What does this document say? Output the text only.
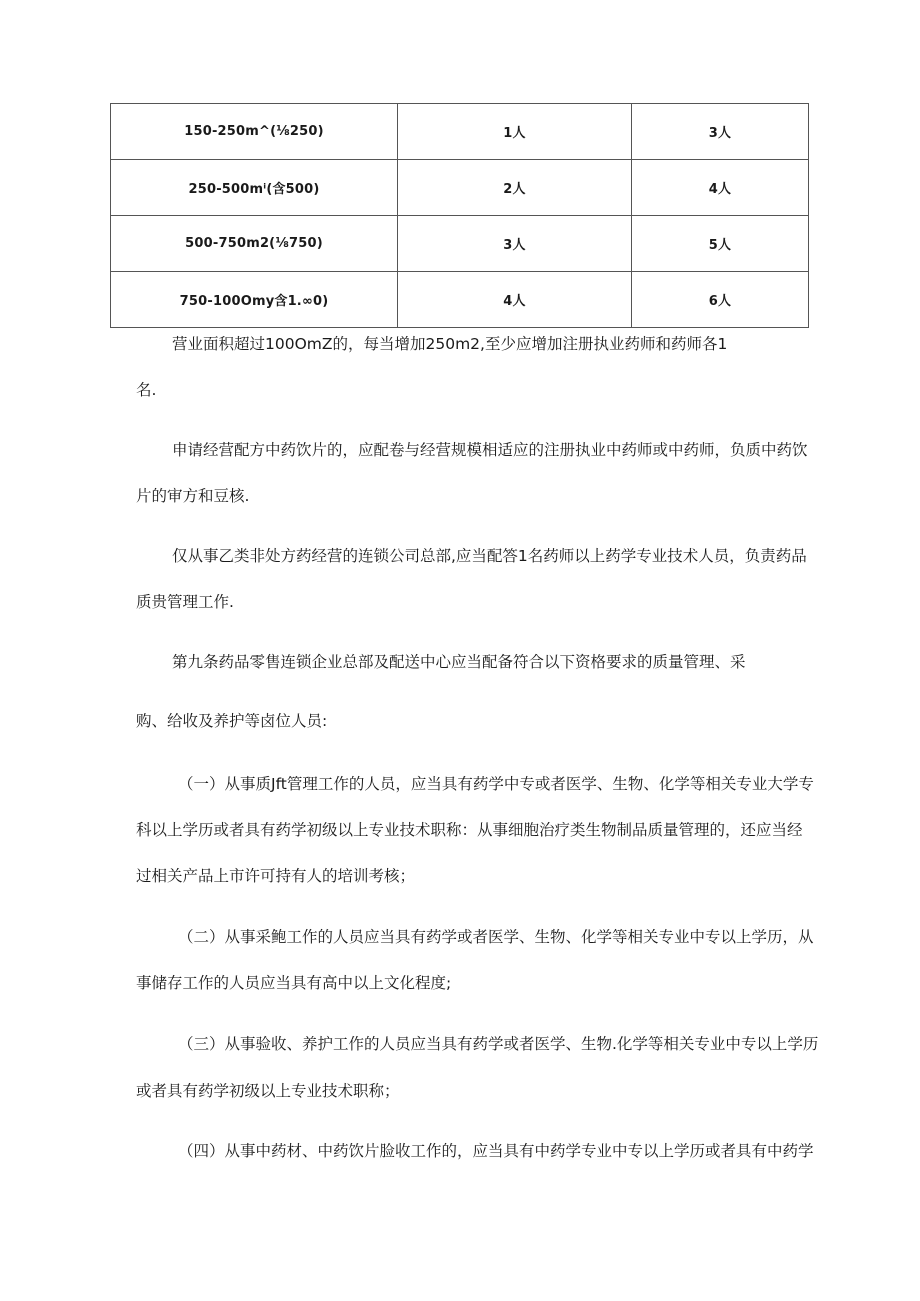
150-250m^(⅛250)	1人	3人
250-500mⁱ(含500)	2人	4人
500-750m2(⅛750)	3人	5人
750-100Omy含1.∞0)	4人	6人
营业面积超过100OmZ的，每当增加250m2,至少应增加注册执业药师和药师各1
名.
申请经营配方中药饮片的，应配卷与经营规模相适应的注册执业中药师或中药师，负质中药饮
片的审方和豆核.
仅从事乙类非处方药经营的连锁公司总部,应当配答1名药师以上药学专业技术人员，负责药品
质贵管理工作.
第九条药品零售连锁企业总部及配送中心应当配备符合以下资格要求的质量管理、采
购、给收及养护等卤位人员:
（一）从事质Jft管理工作的人员，应当具有药学中专或者医学、生物、化学等相关专业大学专
科以上学历或者具有药学初级以上专业技术职称：从事细胞治疗类生物制品质量管理的，还应当经
过相关产品上市许可持有人的培训考核；
（二）从事采鲍工作的人员应当具有药学或者医学、生物、化学等相关专业中专以上学历，从
事储存工作的人员应当具有高中以上文化程度;
（三）从事验收、养护工作的人员应当具有药学或者医学、生物.化学等相关专业中专以上学历
或者具有药学初级以上专业技术职称；
（四）从事中药材、中药饮片脸收工作的，应当具有中药学专业中专以上学历或者具有中药学
